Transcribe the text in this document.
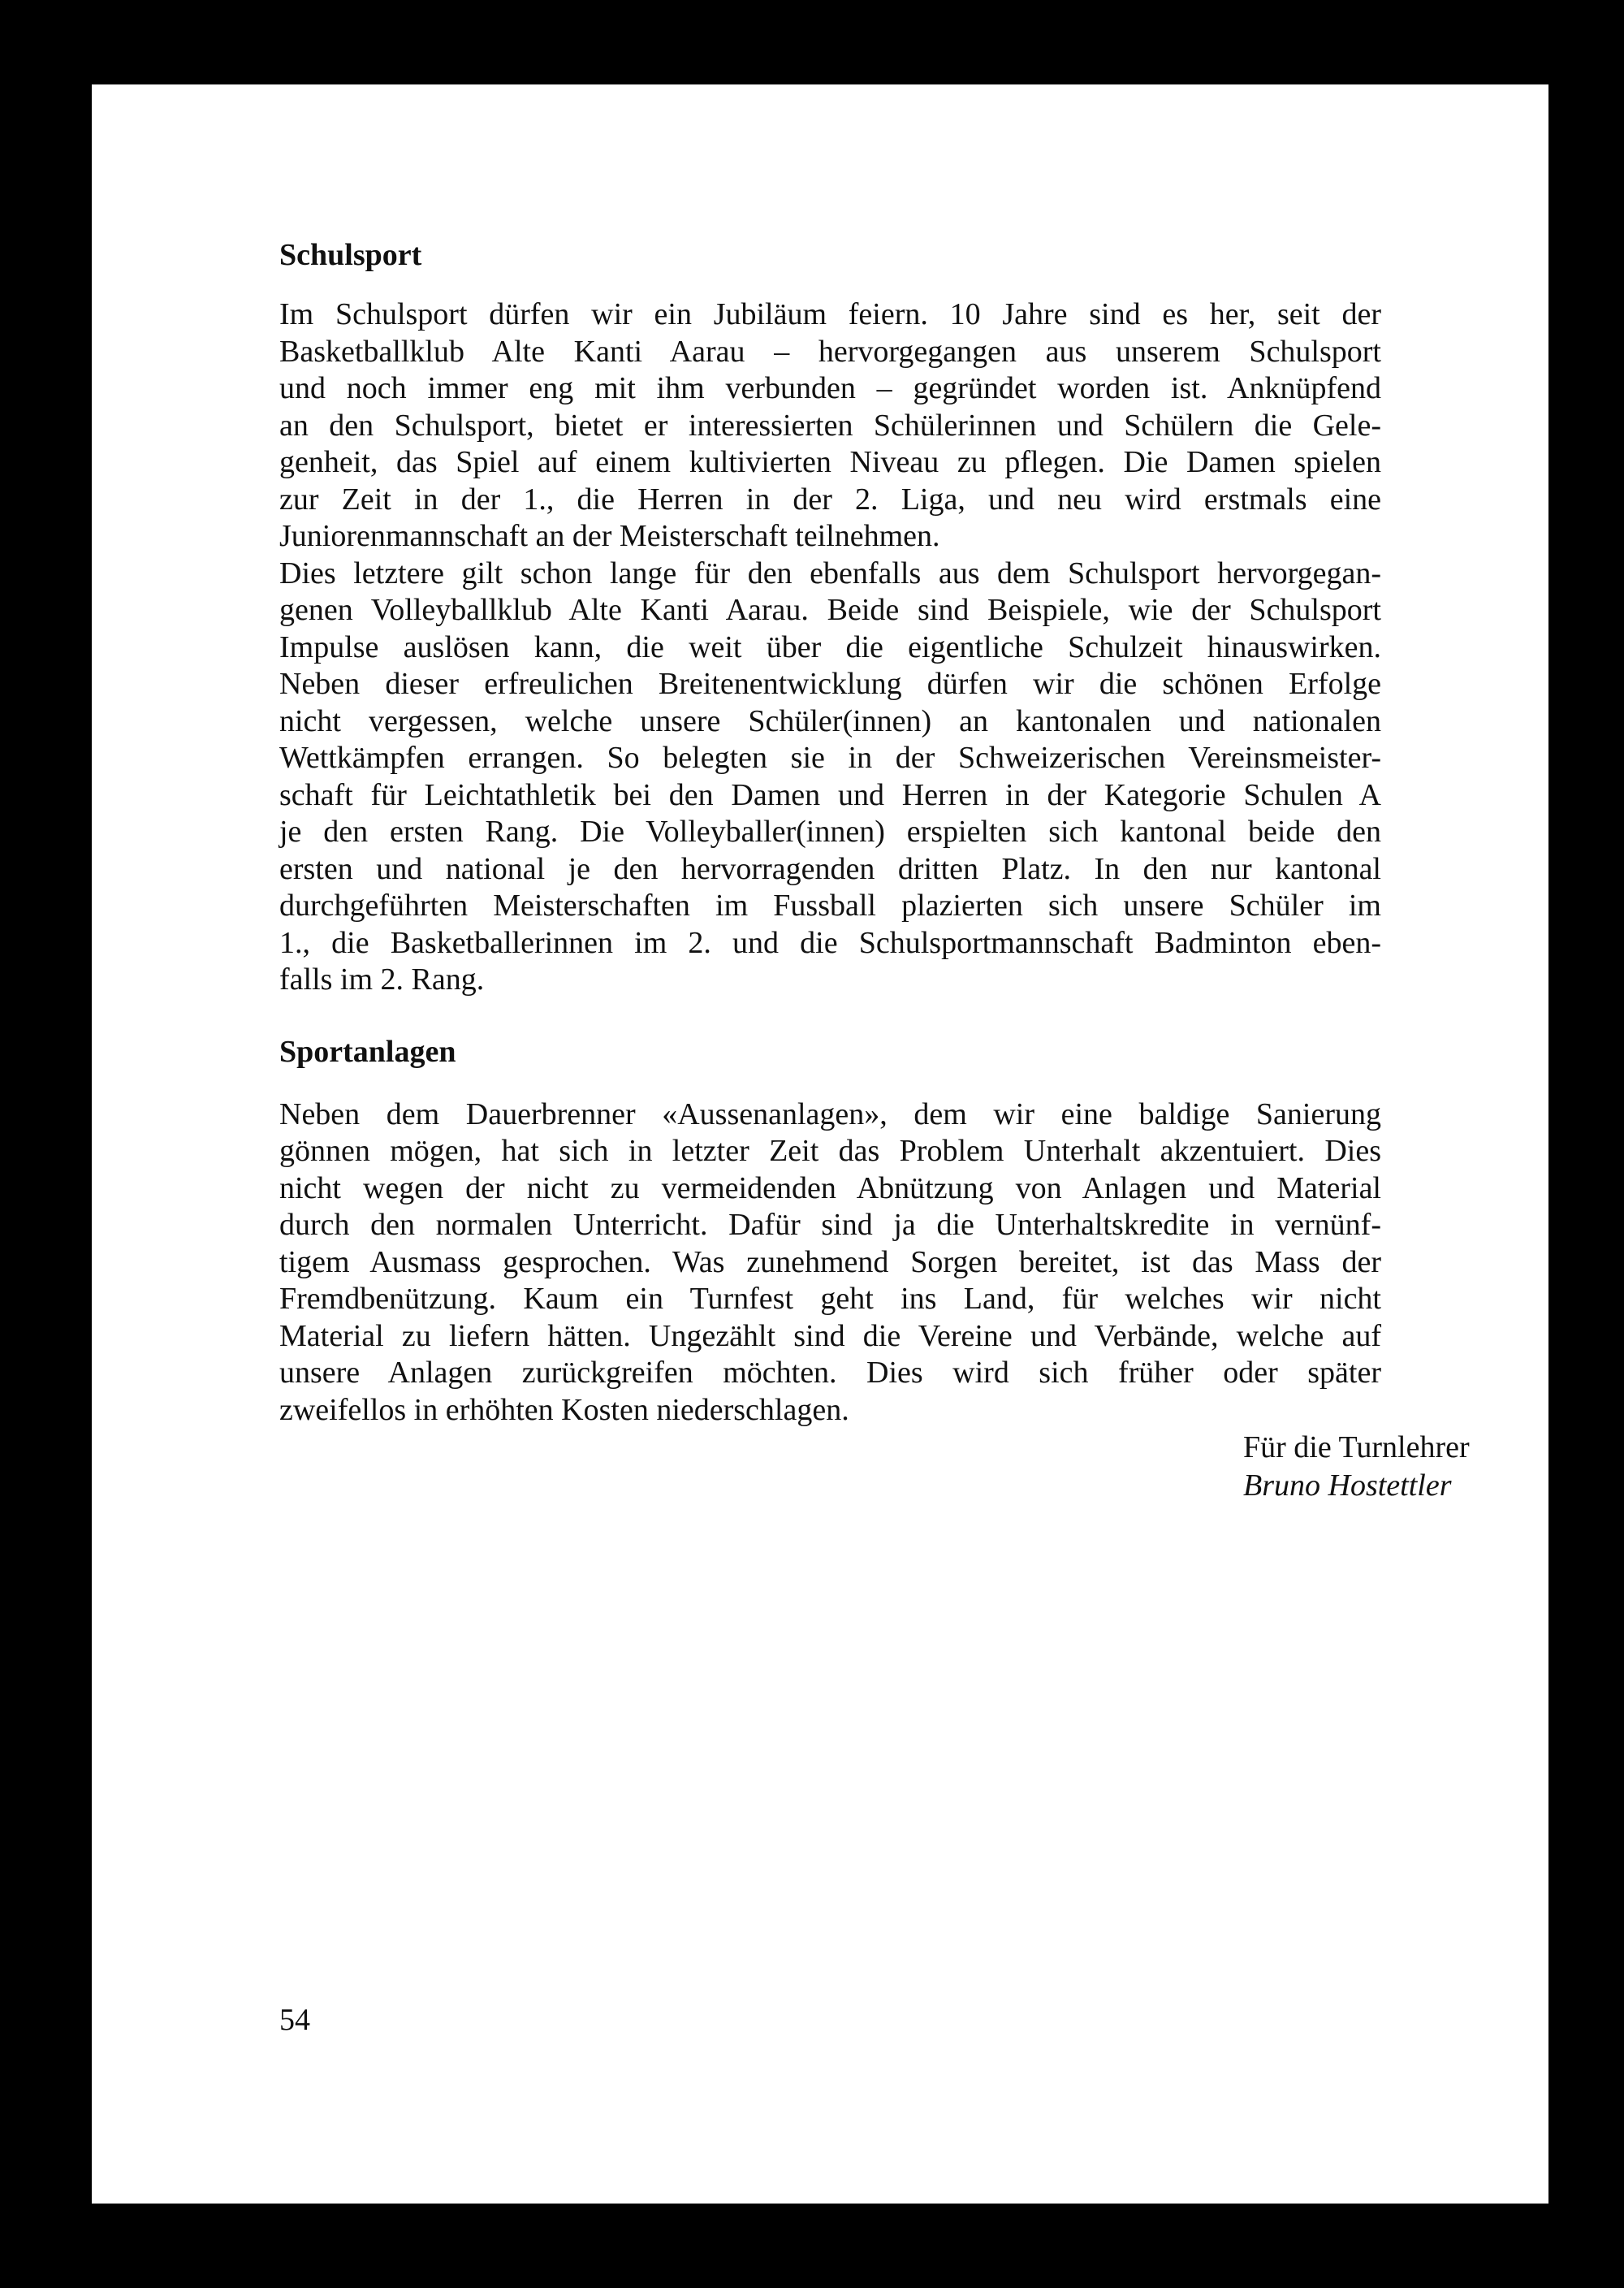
Schulsport

Im Schulsport dürfen wir ein Jubiläum feiern. 10 Jahre sind es her, seit der
Basketballklub Alte Kanti Aarau – hervorgegangen aus unserem Schulsport
und noch immer eng mit ihm verbunden – gegründet worden ist. Anknüpfend
an den Schulsport, bietet er interessierten Schülerinnen und Schülern die Gele-
genheit, das Spiel auf einem kultivierten Niveau zu pflegen. Die Damen spielen
zur Zeit in der 1., die Herren in der 2. Liga, und neu wird erstmals eine
Juniorenmannschaft an der Meisterschaft teilnehmen.
Dies letztere gilt schon lange für den ebenfalls aus dem Schulsport hervorgegan-
genen Volleyballklub Alte Kanti Aarau. Beide sind Beispiele, wie der Schulsport
Impulse auslösen kann, die weit über die eigentliche Schulzeit hinauswirken.
Neben dieser erfreulichen Breitenentwicklung dürfen wir die schönen Erfolge
nicht vergessen, welche unsere Schüler(innen) an kantonalen und nationalen
Wettkämpfen errangen. So belegten sie in der Schweizerischen Vereinsmeister-
schaft für Leichtathletik bei den Damen und Herren in der Kategorie Schulen A
je den ersten Rang. Die Volleyballer(innen) erspielten sich kantonal beide den
ersten und national je den hervorragenden dritten Platz. In den nur kantonal
durchgeführten Meisterschaften im Fussball plazierten sich unsere Schüler im
1., die Basketballerinnen im 2. und die Schulsportmannschaft Badminton eben-
falls im 2. Rang.

Sportanlagen

Neben dem Dauerbrenner «Aussenanlagen», dem wir eine baldige Sanierung
gönnen mögen, hat sich in letzter Zeit das Problem Unterhalt akzentuiert. Dies
nicht wegen der nicht zu vermeidenden Abnützung von Anlagen und Material
durch den normalen Unterricht. Dafür sind ja die Unterhaltskredite in vernünf-
tigem Ausmass gesprochen. Was zunehmend Sorgen bereitet, ist das Mass der
Fremdbenützung. Kaum ein Turnfest geht ins Land, für welches wir nicht
Material zu liefern hätten. Ungezählt sind die Vereine und Verbände, welche auf
unsere Anlagen zurückgreifen möchten. Dies wird sich früher oder später
zweifellos in erhöhten Kosten niederschlagen.

Für die Turnlehrer
Bruno Hostettler
54
